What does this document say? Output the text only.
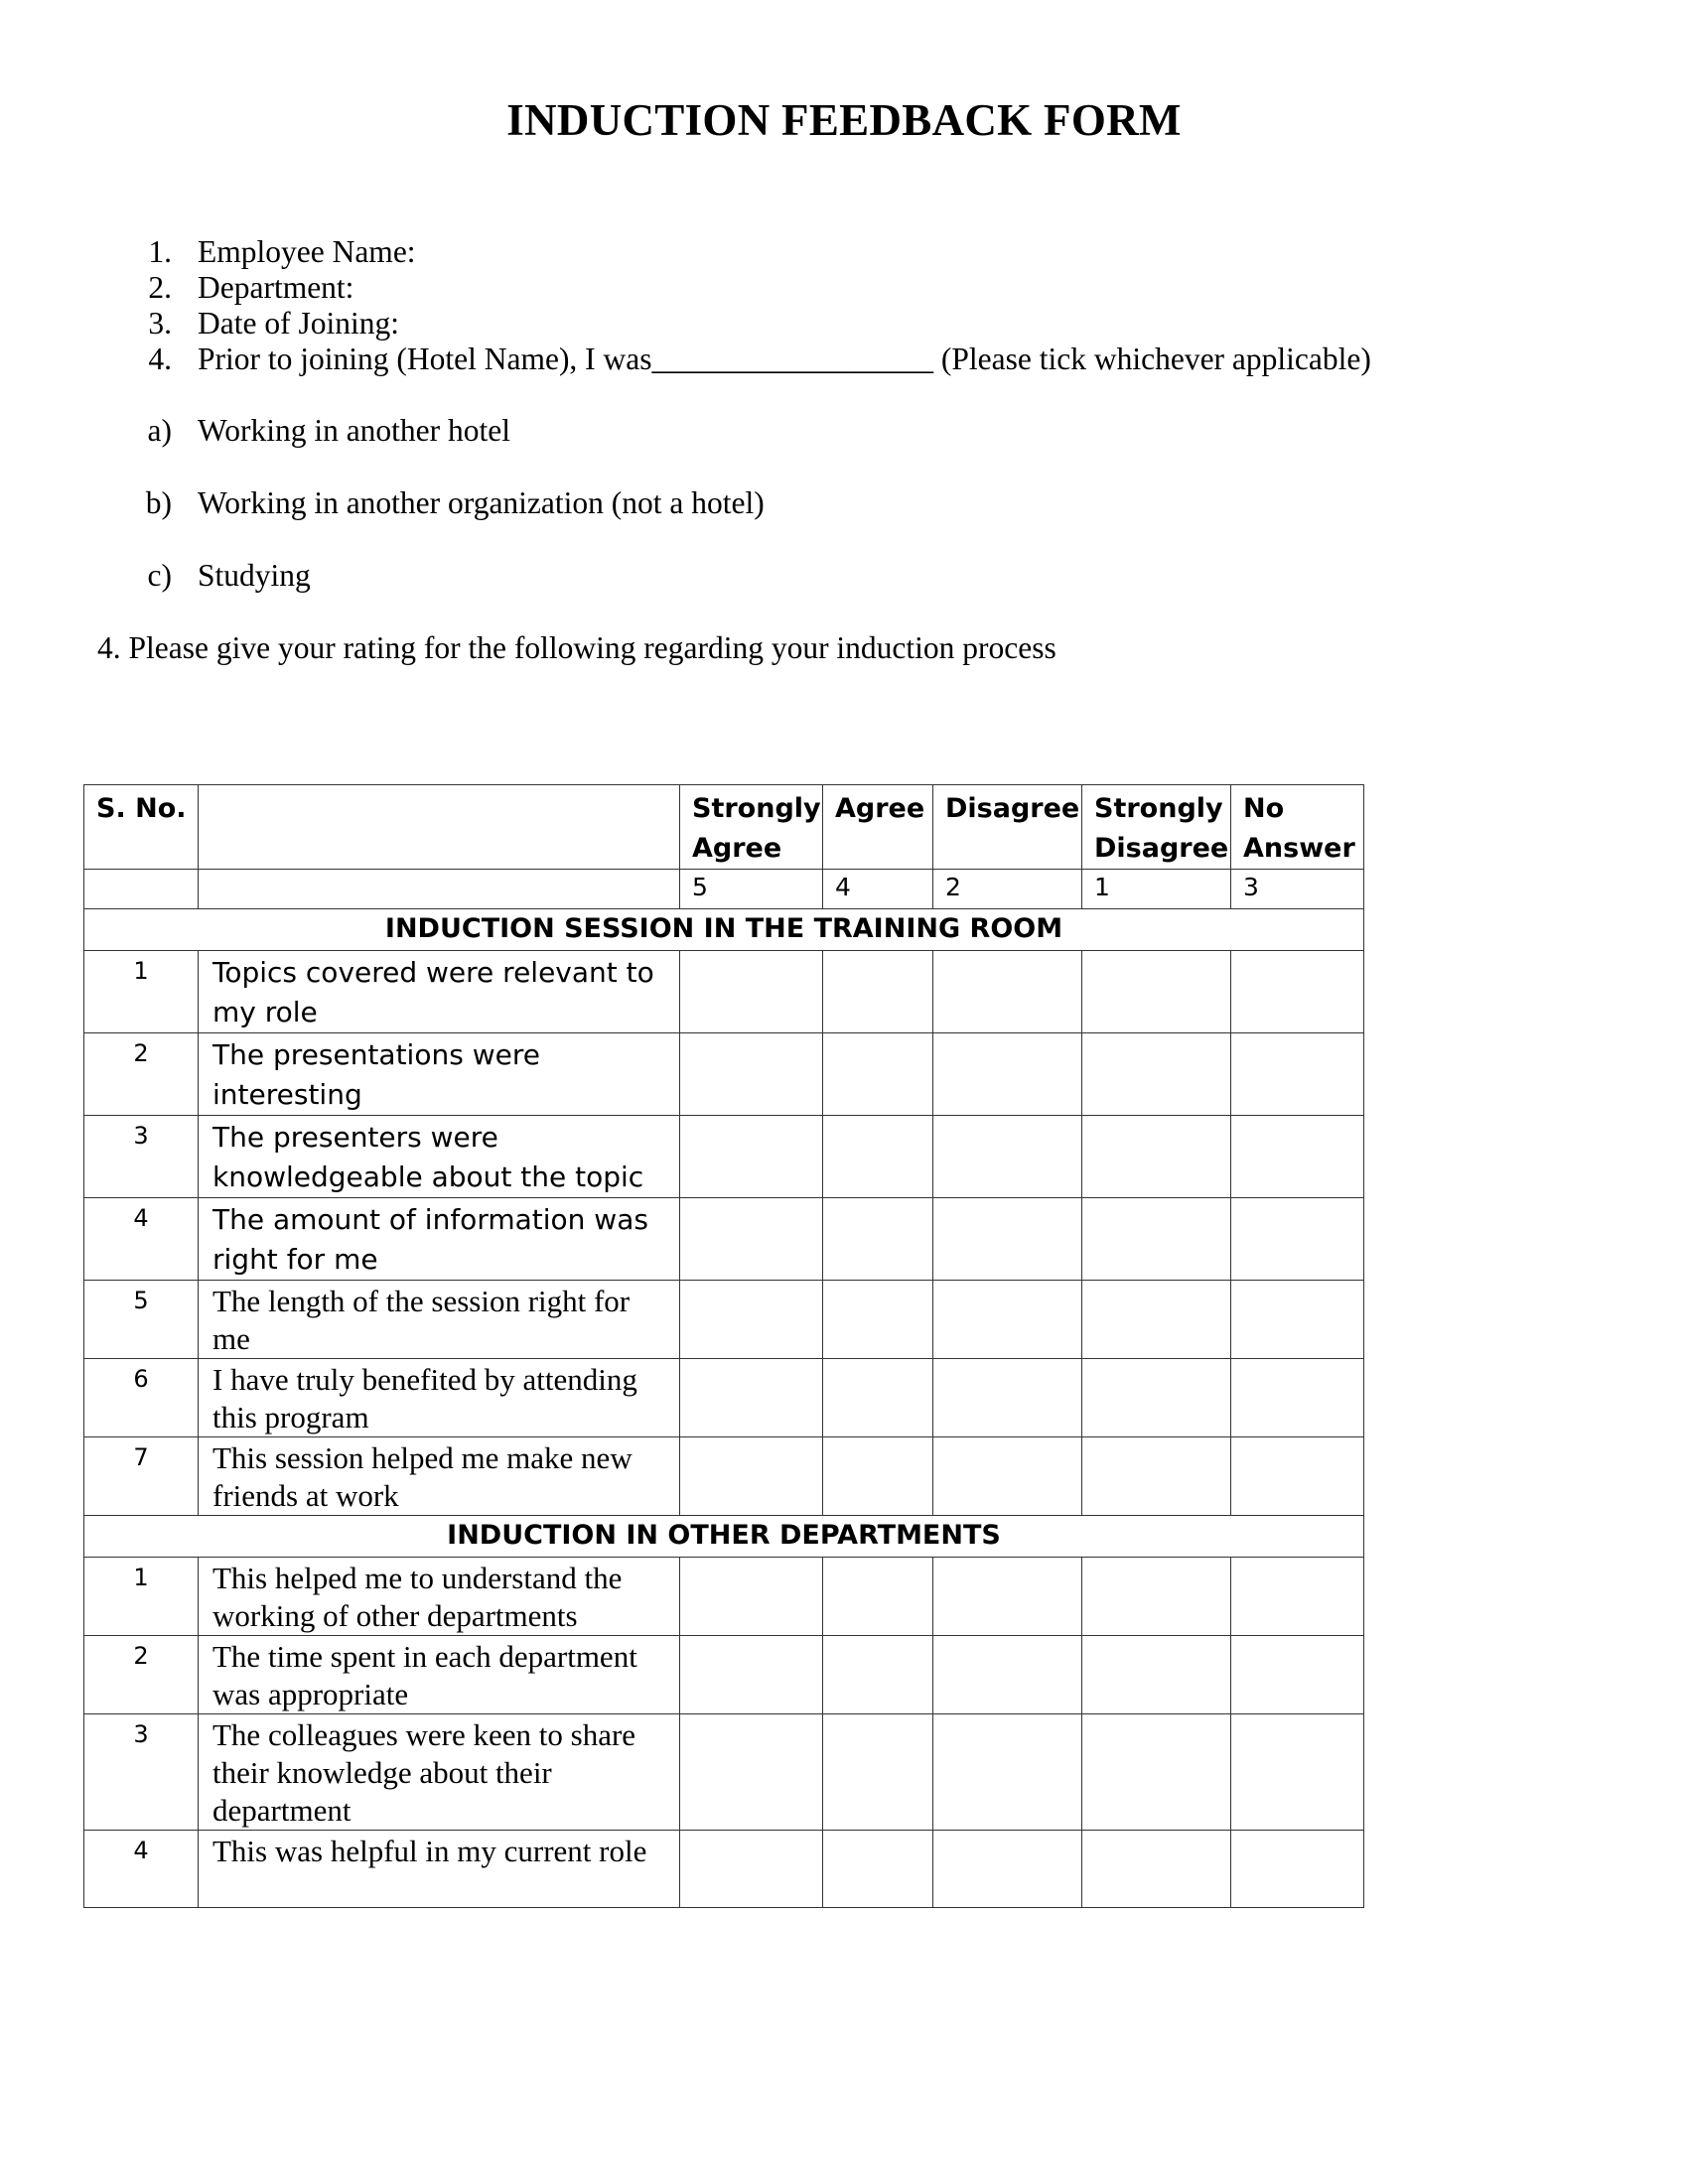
INDUCTION FEEDBACK FORM
1. Employee Name:
2. Department:
3. Date of Joining:
4. Prior to joining (Hotel Name), I was__________________ (Please tick whichever applicable)
a) Working in another hotel
b) Working in another organization (not a hotel)
c) Studying
4. Please give your rating for the following regarding your induction process
S. No.		Strongly Agree	Agree	Disagree	Strongly Disagree	No Answer
		5	4	2	1	3
INDUCTION SESSION IN THE TRAINING ROOM						
1	Topics covered were relevant to my role					
2	The presentations were interesting					
3	The presenters were knowledgeable about the topic					
4	The amount of information was right for me					
5	The length of the session right for me					
6	I have truly benefited by attending this program					
7	This session helped me make new friends at work					
INDUCTION IN OTHER DEPARTMENTS						
1	This helped me to understand the working of other departments					
2	The time spent in each department was appropriate					
3	The colleagues were keen to share their knowledge about their department					
4	This was helpful in my current role					
